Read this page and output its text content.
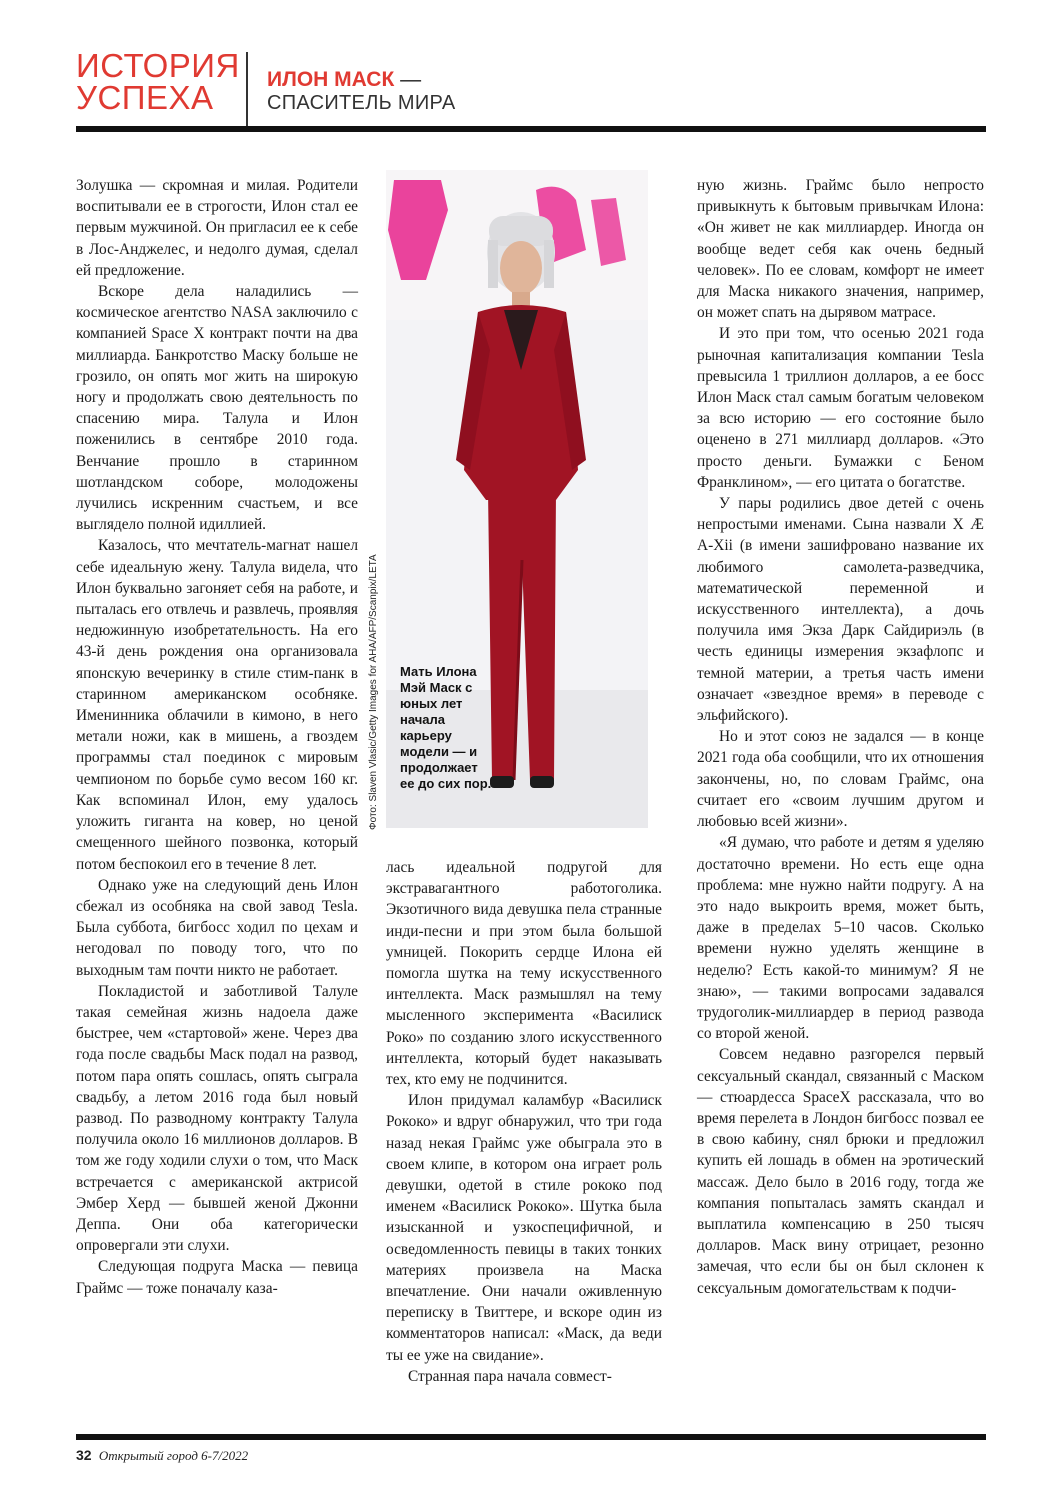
ИСТОРИЯ
УСПЕХА	ИЛОН МАСК —
СПАСИТЕЛЬ МИРА

Золушка — скромная и милая. Родители воспитывали ее в строгости, Илон стал ее первым мужчиной. Он пригласил ее к себе в Лос-Анджелес, и недолго думая, сделал ей предложение.

Вскоре дела наладились — космическое агентство NASA заключило с компанией Space X контракт почти на два миллиарда. Банкротство Маску больше не грозило, он опять мог жить на широкую ногу и продолжать свою деятельность по спасению мира. Талула и Илон поженились в сентябре 2010 года. Венчание прошло в старинном шотландском соборе, молодожены лучились искренним счастьем, и все выглядело полной идиллией.

Казалось, что мечтатель-магнат нашел себе идеальную жену. Талула видела, что Илон буквально загоняет себя на работе, и пыталась его отвлечь и развлечь, проявляя недюжинную изобретательность. На его 43-й день рождения она организовала японскую вечеринку в стиле стим-панк в старинном американском особняке. Именинника облачили в кимоно, в него метали ножи, как в мишень, а гвоздем программы стал поединок с мировым чемпионом по борьбе сумо весом 160 кг. Как вспоминал Илон, ему удалось уложить гиганта на ковер, но ценой смещенного шейного позвонка, который потом беспокоил его в течение 8 лет.

Однако уже на следующий день Илон сбежал из особняка на свой завод Tesla. Была суббота, бигбосс ходил по цехам и негодовал по поводу того, что по выходным там почти никто не работает.

Покладистой и заботливой Талуле такая семейная жизнь надоела даже быстрее, чем «стартовой» жене. Через два года после свадьбы Маск подал на развод, потом пара опять сошлась, опять сыграла свадьбу, а летом 2016 года был новый развод. По разводному контракту Талула получила около 16 миллионов долларов. В том же году ходили слухи о том, что Маск встречается с американской актрисой Эмбер Херд — бывшей женой Джонни Деппа. Они оба категорически опровергали эти слухи.

Следующая подруга Маска — певица Граймс — тоже поначалу каза-

Фото: Slaven Vlasic/Getty Images for AHA/AFP/Scanpix/LETA Мать Илона Мэй Маск с юных лет начала карьеру модели — и продолжает ее до сих пор.

лась идеальной подругой для экстравагантного работоголика. Экзотичного вида девушка пела странные инди-песни и при этом была большой умницей. Покорить сердце Илона ей помогла шутка на тему искусственного интеллекта. Маск размышлял на тему мысленного эксперимента «Василиск Роко» по созданию злого искусственного интеллекта, который будет наказывать тех, кто ему не подчинится.

Илон придумал каламбур «Василиск Рококо» и вдруг обнаружил, что три года назад некая Граймс уже обыграла это в своем клипе, в котором она играет роль девушки, одетой в стиле рококо под именем «Василиск Рококо». Шутка была изысканной и узкоспецифичной, и осведомленность певицы в таких тонких материях произвела на Маска впечатление. Они начали оживленную переписку в Твиттере, и вскоре один из комментаторов написал: «Маск, да веди ты ее уже на свидание».

Странная пара начала совмест-

ную жизнь. Граймс было непросто привыкнуть к бытовым привычкам Илона: «Он живет не как миллиардер. Иногда он вообще ведет себя как очень бедный человек». По ее словам, комфорт не имеет для Маска никакого значения, например, он может спать на дырявом матрасе.

И это при том, что осенью 2021 года рыночная капитализация компании Tesla превысила 1 триллион долларов, а ее босс Илон Маск стал самым богатым человеком за всю историю — его состояние было оценено в 271 миллиард долларов. «Это просто деньги. Бумажки с Беном Франклином», — его цитата о богатстве.

У пары родились двое детей с очень непростыми именами. Сына назвали X Æ A-Xii (в имени зашифровано название их любимого самолета-разведчика, математической переменной и искусственного интеллекта), а дочь получила имя Экза Дарк Сайдириэль (в честь единицы измерения экзафлопс и темной материи, а третья часть имени означает «звездное время» в переводе с эльфийского).

Но и этот союз не задался — в конце 2021 года оба сообщили, что их отношения закончены, но, по словам Граймс, она считает его «своим лучшим другом и любовью всей жизни».

«Я думаю, что работе и детям я уделяю достаточно времени. Но есть еще одна проблема: мне нужно найти подругу. А на это надо выкроить время, может быть, даже в пределах 5–10 часов. Сколько времени нужно уделять женщине в неделю? Есть какой-то минимум? Я не знаю», — такими вопросами задавался трудоголик-миллиардер в период развода со второй женой.

Совсем недавно разгорелся первый сексуальный скандал, связанный с Маском — стюардесса SpaceX рассказала, что во время перелета в Лондон бигбосс позвал ее в свою кабину, снял брюки и предложил купить ей лошадь в обмен на эротический массаж. Дело было в 2016 году, тогда же компания попыталась замять скандал и выплатила компенсацию в 250 тысяч долларов. Маск вину отрицает, резонно замечая, что если бы он был склонен к сексуальным домогательствам к подчи-

32 Открытый город 6-7/2022
